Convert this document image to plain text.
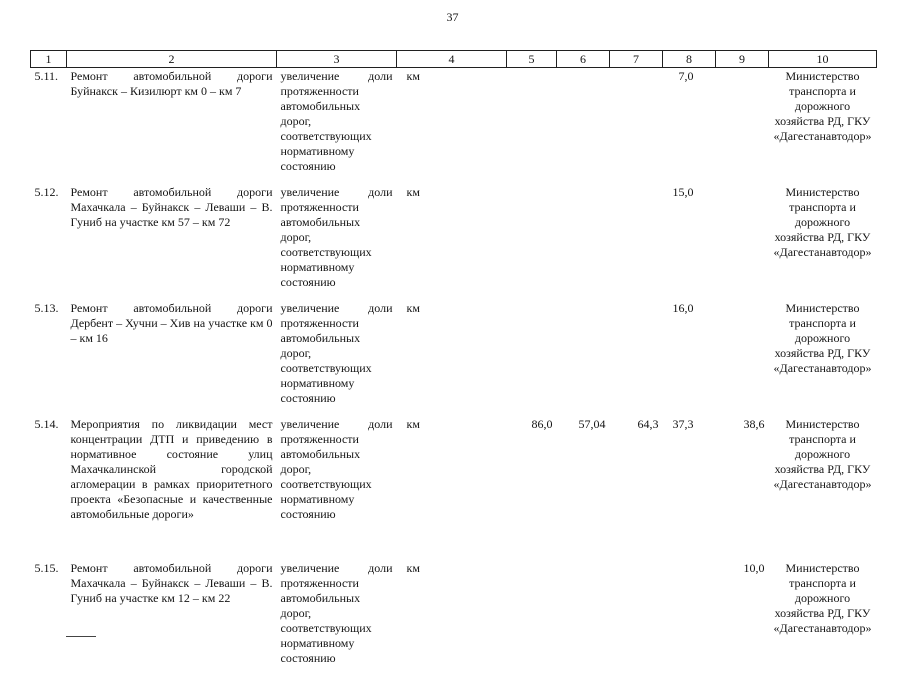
37
1	2	3	4	5	6	7	8	9	10
5.11.	Ремонт автомобильной дороги Буйнакск – Кизилюрт км 0 – км 7	увеличение доли протяженности автомобильных дорог, соответствующих нормативному состоянию	км				7,0		Министерство транспорта и дорожного хозяйства РД, ГКУ «Дагестанавтодор»
5.12.	Ремонт автомобильной дороги Махачкала – Буйнакск – Леваши – В. Гуниб на участке км 57 – км 72	увеличение доли протяженности автомобильных дорог, соответствующих нормативному состоянию	км				15,0		Министерство транспорта и дорожного хозяйства РД, ГКУ «Дагестанавтодор»
5.13.	Ремонт автомобильной дороги Дербент – Хучни – Хив на участке км 0 – км 16	увеличение доли протяженности автомобильных дорог, соответствующих нормативному состоянию	км				16,0		Министерство транспорта и дорожного хозяйства РД, ГКУ «Дагестанавтодор»
5.14.	Мероприятия по ликвидации мест концентрации ДТП и приведению в нормативное состояние улиц Махачкалинской городской агломерации в рамках приоритетного проекта «Безопасные и качественные автомобильные дороги»	увеличение доли протяженности автомобильных дорог, соответствующих нормативному состоянию	км	86,0	57,04	64,3	37,3	38,6	Министерство транспорта и дорожного хозяйства РД, ГКУ «Дагестанавтодор»
5.15.	Ремонт автомобильной дороги Махачкала – Буйнакск – Леваши – В. Гуниб на участке км 12 – км 22	увеличение доли протяженности автомобильных дорог, соответствующих нормативному состоянию	км					10,0	Министерство транспорта и дорожного хозяйства РД, ГКУ «Дагестанавтодор»
